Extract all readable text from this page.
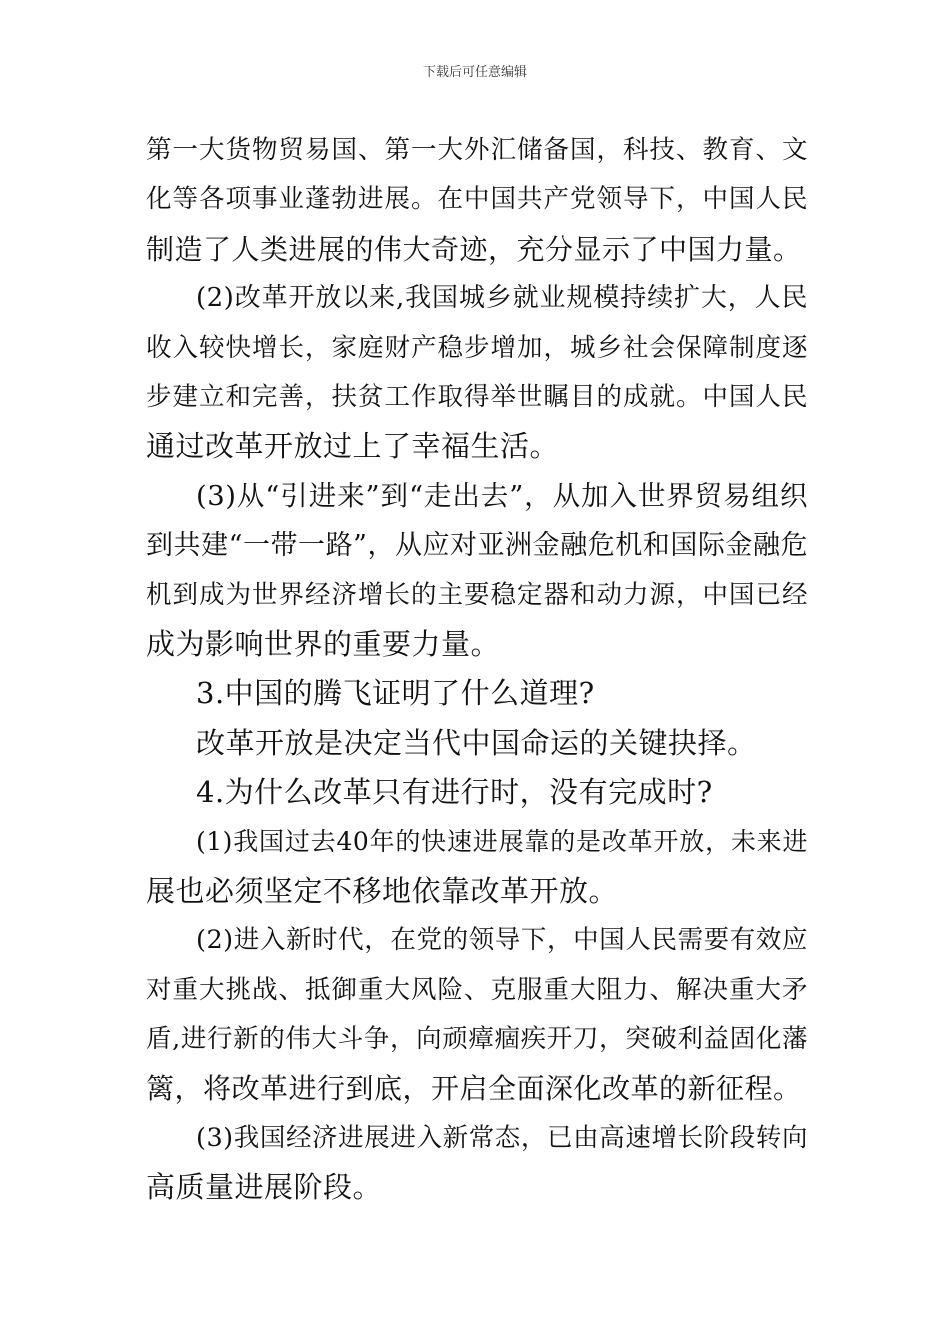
下载后可任意编辑
第一大货物贸易国、第一大外汇储备国，科技、教育、文
化等各项事业蓬勃进展。在中国共产党领导下，中国人民
制造了人类进展的伟大奇迹，充分显示了中国力量。
(2)改革开放以来,我国城乡就业规模持续扩大，人民
收入较快增长，家庭财产稳步增加，城乡社会保障制度逐
步建立和完善，扶贫工作取得举世瞩目的成就。中国人民
通过改革开放过上了幸福生活。
(3)从“引进来”到“走出去”，从加入世界贸易组织
到共建“一带一路”，从应对亚洲金融危机和国际金融危
机到成为世界经济增长的主要稳定器和动力源，中国已经
成为影响世界的重要力量。
3.中国的腾飞证明了什么道理?
改革开放是决定当代中国命运的关键抉择。
4.为什么改革只有进行时，没有完成时?
(1)我国过去40年的快速进展靠的是改革开放，未来进
展也必须坚定不移地依靠改革开放。
(2)进入新时代，在党的领导下，中国人民需要有效应
对重大挑战、抵御重大风险、克服重大阻力、解决重大矛
盾,进行新的伟大斗争，向顽瘴痼疾开刀，突破利益固化藩
篱，将改革进行到底，开启全面深化改革的新征程。
(3)我国经济进展进入新常态，已由高速增长阶段转向
高质量进展阶段。
